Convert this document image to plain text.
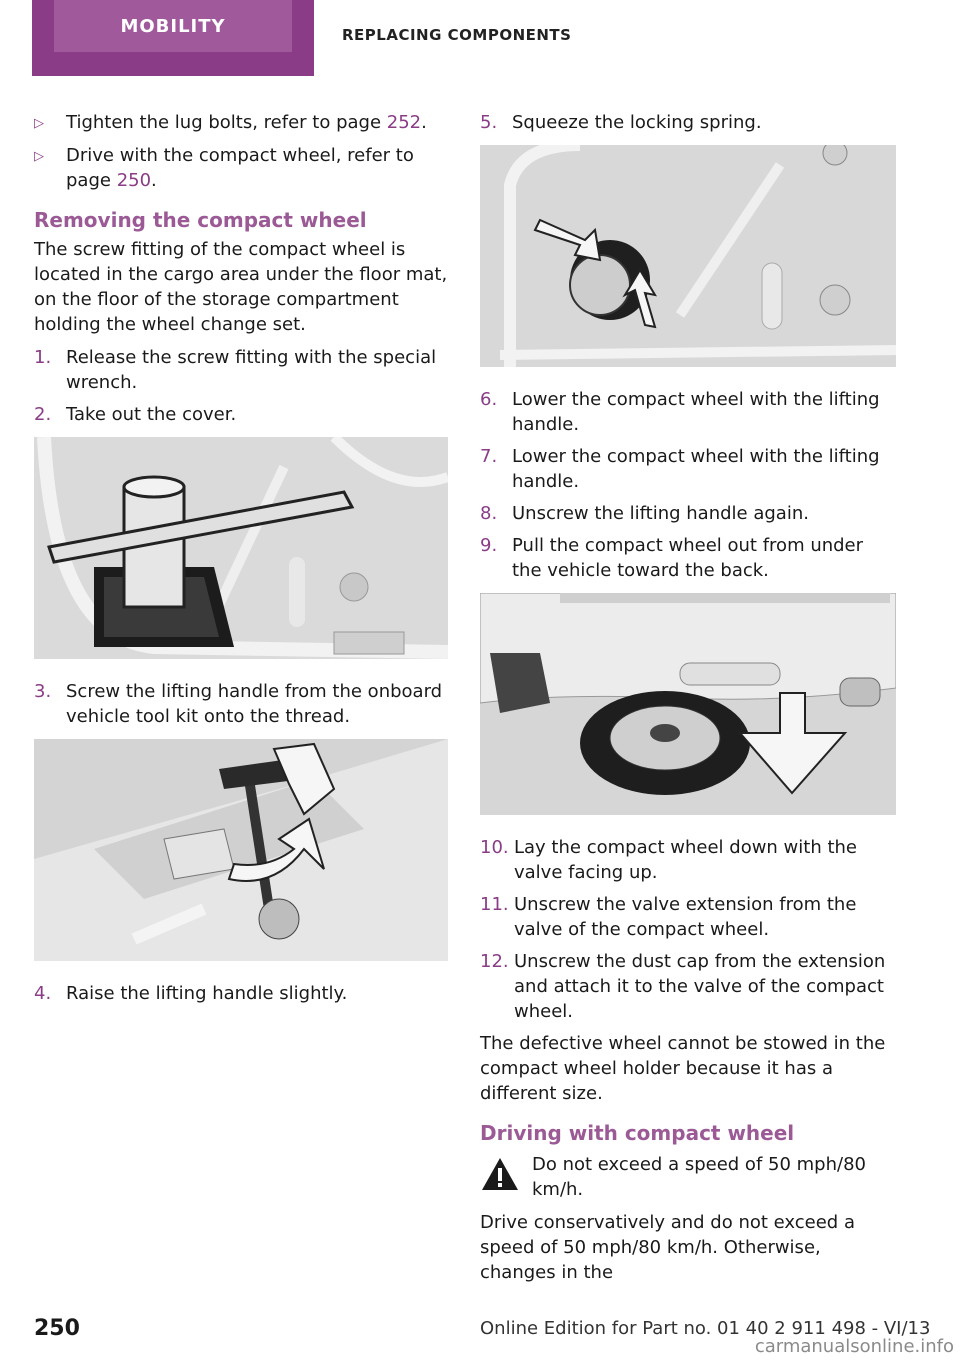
MOBILITY	REPLACING COMPONENTS
▷	Tighten the lug bolts, refer to page 252.
▷	Drive with the compact wheel, refer to page 250.
Removing the compact wheel

The screw fitting of the compact wheel is located in the cargo area under the floor mat, on the floor of the storage compartment holding the wheel change set.

1. Release the screw fitting with the special wrench.
2. Take out the cover.
3. Screw the lifting handle from the onboard vehicle tool kit onto the thread.
4. Raise the lifting handle slightly.
5. Squeeze the locking spring.
6. Lower the compact wheel with the lifting handle.
7. Lower the compact wheel with the lifting handle.
8. Unscrew the lifting handle again.
9. Pull the compact wheel out from under the vehicle toward the back.
10. Lay the compact wheel down with the valve facing up.
11. Unscrew the valve extension from the valve of the compact wheel.
12. Unscrew the dust cap from the extension and attach it to the valve of the compact wheel.

The defective wheel cannot be stowed in the compact wheel holder because it has a different size.

Driving with compact wheel
Do not exceed a speed of 50 mph/80 km/h.

Drive conservatively and do not exceed a speed of 50 mph/80 km/h. Otherwise, changes in the

250	Online Edition for Part no. 01 40 2 911 498 - VI/13
carmanualsonline.info
